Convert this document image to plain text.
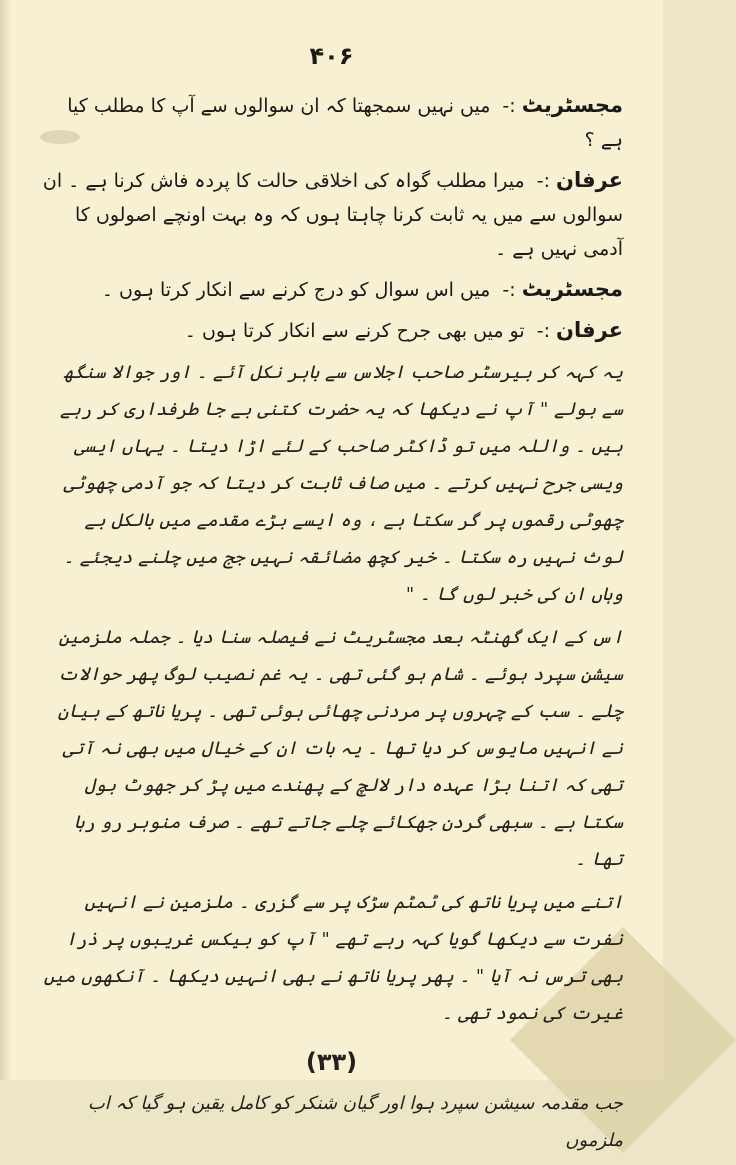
۴۰۶

مجسٹریٹ :- میں نہیں سمجھتا کہ ان سوالوں سے آپ کا مطلب کیا ہے ؟

عرفان :- میرا مطلب گواہ کی اخلاقی حالت کا پردہ فاش کرنا ہے ۔ ان سوالوں سے میں یہ ثابت کرنا چاہتا ہوں کہ وہ بہت اونچے اصولوں کا آدمی نہیں ہے ۔

مجسٹریٹ :- میں اس سوال کو درج کرنے سے انکار کرتا ہوں ۔

عرفان :- تو میں بھی جرح کرنے سے انکار کرتا ہوں ۔

یہ کہہ کر بیرسٹر صاحب اجلاس سے باہر نکل آئے ۔ اور جوالا سنگھ سے بولے " آپ نے دیکھا کہ یہ حضرت کتنی بے جا طرفداری کر رہے ہیں ۔ واللہ میں تو ڈاکٹر صاحب کے لئے اڑا دیتا ۔ یہاں ایسی ویسی جرح نہیں کرتے ۔ میں صاف ثابت کر دیتا کہ جو آدمی چھوٹی چھوٹی رقموں پر گر سکتا ہے ، وہ ایسے بڑے مقدمے میں بالکل بے لوث نہیں رہ سکتا ۔ خیر کچھ مضائقہ نہیں جج میں چلنے دیجئے ۔ وہاں ان کی خبر لوں گا ۔ "

اس کے ایک گھنٹہ بعد مجسٹریٹ نے فیصلہ سنا دیا ۔ جملہ ملزمین سیشن سپرد ہوئے ۔ شام ہو گئی تھی ۔ یہ غم نصیب لوگ پھر حوالات چلے ۔ سب کے چہروں پر مردنی چھائی ہوئی تھی ۔ پریا ناتھ کے بیان نے انہیں مایوس کر دیا تھا ۔ یہ بات ان کے خیال میں بھی نہ آتی تھی کہ اتنا بڑا عہدہ دار لالچ کے پھندے میں پڑ کر جھوٹ بول سکتا ہے ۔ سبھی گردن جھکائے چلے جاتے تھے ۔ صرف منوہر رو رہا تھا ۔

اتنے میں پریا ناتھ کی ٹمٹم سڑک پر سے گزری ۔ ملزمین نے انہیں نفرت سے دیکھا گویا کہہ رہے تھے " آپ کو بیکس غریبوں پر ذرا بھی ترس نہ آیا " ۔ پھر پریا ناتھ نے بھی انہیں دیکھا ۔ آنکھوں میں غیرت کی نمود تھی ۔

(۳۳)

جب مقدمہ سیشن سپرد ہوا اور گیان شنکر کو کامل یقین ہو گیا کہ اب ملزموں
